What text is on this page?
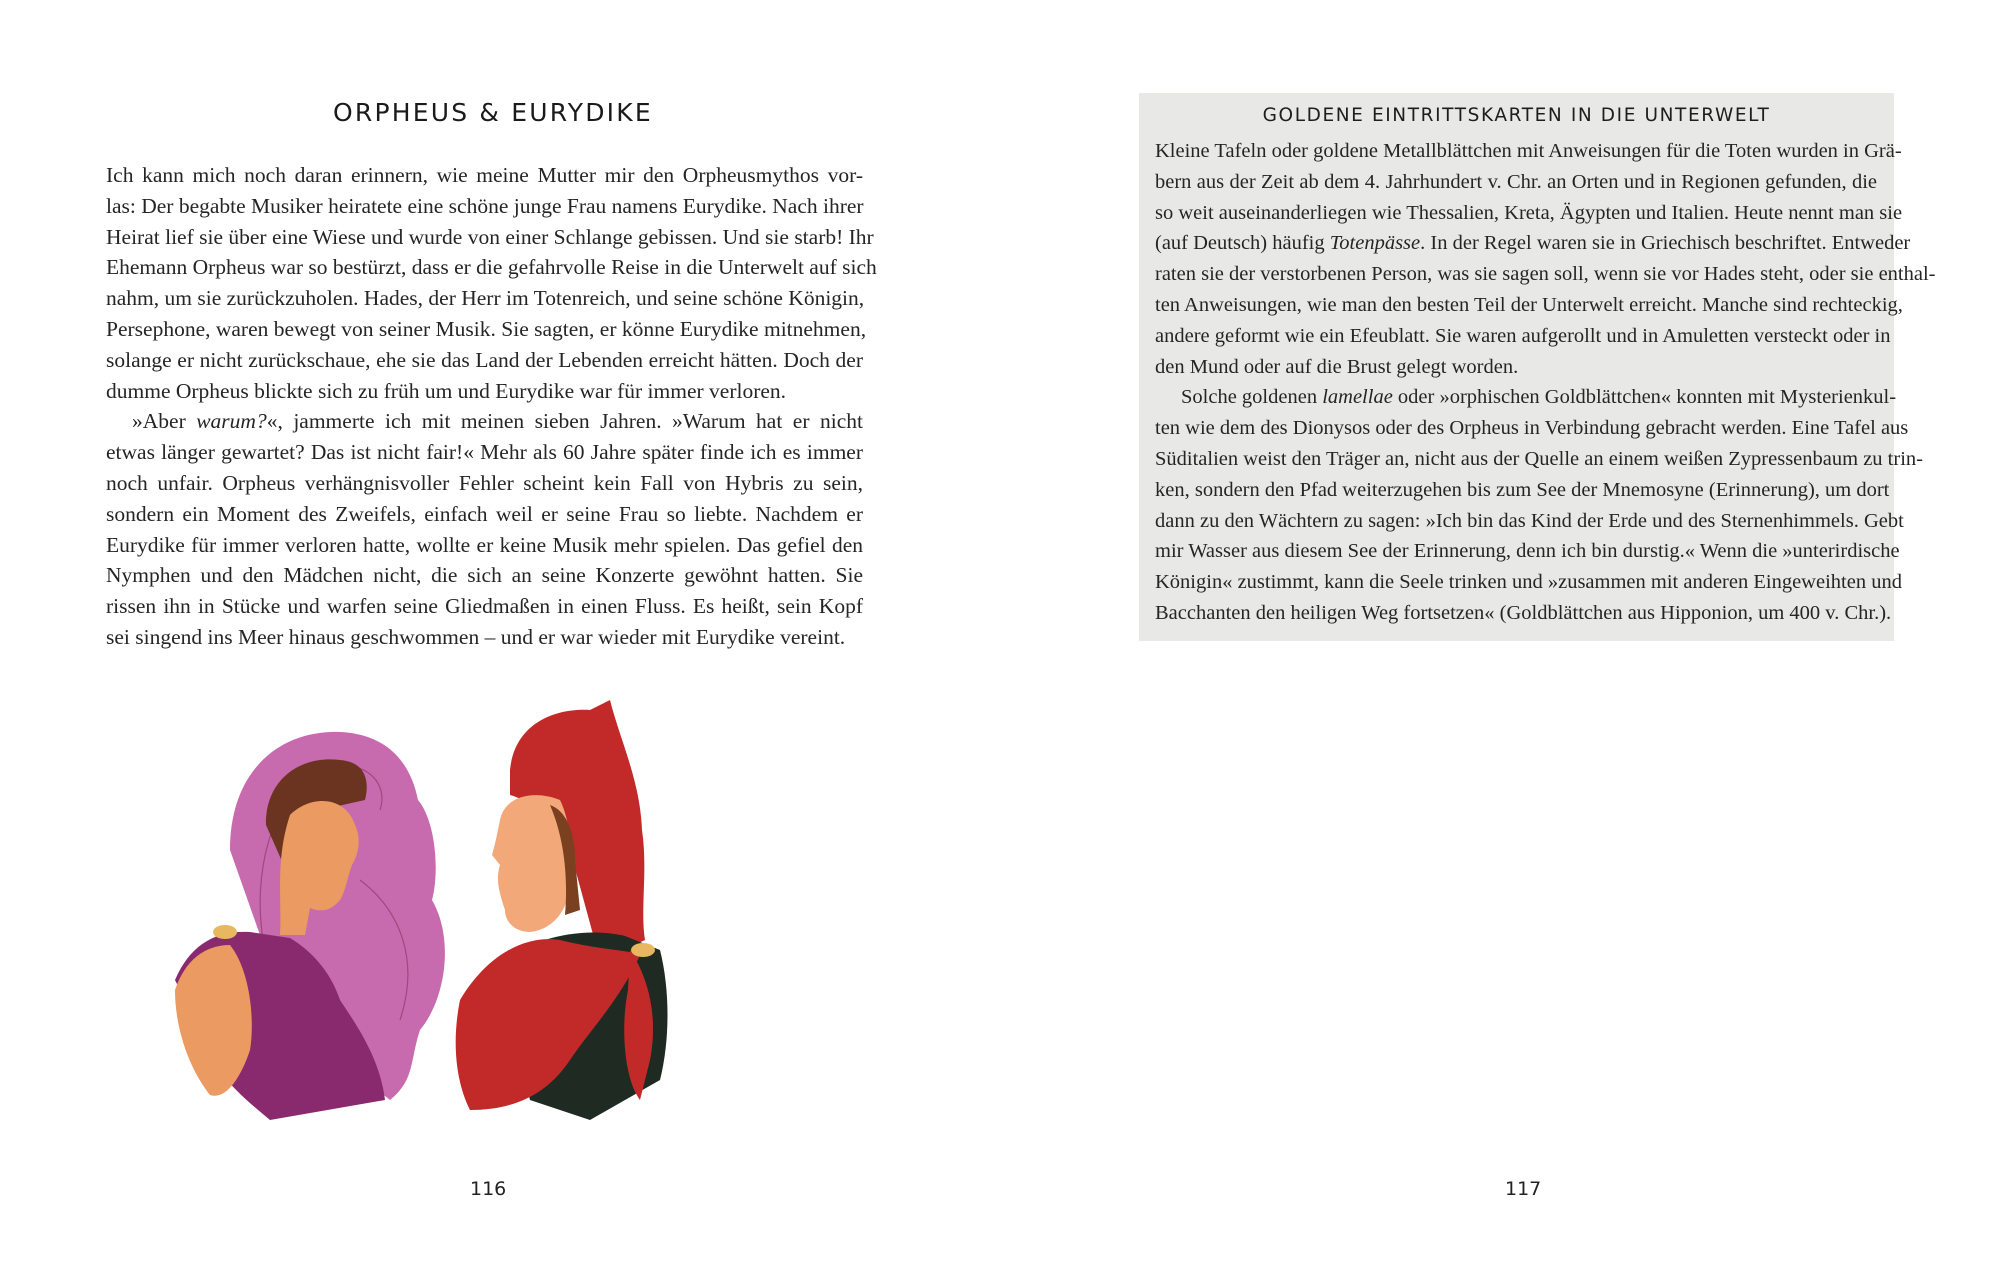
ORPHEUS & EURYDIKE
Ich kann mich noch daran erinnern, wie meine Mutter mir den Orpheusmythos vor-
las: Der begabte Musiker heiratete eine schöne junge Frau namens Eurydike. Nach ihrer
Heirat lief sie über eine Wiese und wurde von einer Schlange gebissen. Und sie starb! Ihr
Ehemann Orpheus war so bestürzt, dass er die gefahrvolle Reise in die Unterwelt auf sich
nahm, um sie zurückzuholen. Hades, der Herr im Totenreich, und seine schöne Königin,
Persephone, waren bewegt von seiner Musik. Sie sagten, er könne Eurydike mitnehmen,
solange er nicht zurückschaue, ehe sie das Land der Lebenden erreicht hätten. Doch der
dumme Orpheus blickte sich zu früh um und Eurydike war für immer verloren.
»Aber warum?«, jammerte ich mit meinen sieben Jahren. »Warum hat er nicht
etwas länger gewartet? Das ist nicht fair!« Mehr als 60 Jahre später finde ich es immer
noch unfair. Orpheus verhängnisvoller Fehler scheint kein Fall von Hybris zu sein,
sondern ein Moment des Zweifels, einfach weil er seine Frau so liebte. Nachdem er
Eurydike für immer verloren hatte, wollte er keine Musik mehr spielen. Das gefiel den
Nymphen und den Mädchen nicht, die sich an seine Konzerte gewöhnt hatten. Sie
rissen ihn in Stücke und warfen seine Gliedmaßen in einen Fluss. Es heißt, sein Kopf
sei singend ins Meer hinaus geschwommen – und er war wieder mit Eurydike vereint.
116
GOLDENE EINTRITTSKARTEN IN DIE UNTERWELT
Kleine Tafeln oder goldene Metallblättchen mit Anweisungen für die Toten wurden in Grä-
bern aus der Zeit ab dem 4. Jahrhundert v. Chr. an Orten und in Regionen gefunden, die
so weit auseinanderliegen wie Thessalien, Kreta, Ägypten und Italien. Heute nennt man sie
(auf Deutsch) häufig Totenpässe. In der Regel waren sie in Griechisch beschriftet. Entweder
raten sie der verstorbenen Person, was sie sagen soll, wenn sie vor Hades steht, oder sie enthal-
ten Anweisungen, wie man den besten Teil der Unterwelt erreicht. Manche sind rechteckig,
andere geformt wie ein Efeublatt. Sie waren aufgerollt und in Amuletten versteckt oder in
den Mund oder auf die Brust gelegt worden.
Solche goldenen lamellae oder »orphischen Goldblättchen« konnten mit Mysterienkul-
ten wie dem des Dionysos oder des Orpheus in Verbindung gebracht werden. Eine Tafel aus
Süditalien weist den Träger an, nicht aus der Quelle an einem weißen Zypressenbaum zu trin-
ken, sondern den Pfad weiterzugehen bis zum See der Mnemosyne (Erinnerung), um dort
dann zu den Wächtern zu sagen: »Ich bin das Kind der Erde und des Sternenhimmels. Gebt
mir Wasser aus diesem See der Erinnerung, denn ich bin durstig.« Wenn die »unterirdische
Königin« zustimmt, kann die Seele trinken und »zusammen mit anderen Eingeweihten und
Bacchanten den heiligen Weg fortsetzen« (Goldblättchen aus Hipponion, um 400 v. Chr.).
117
